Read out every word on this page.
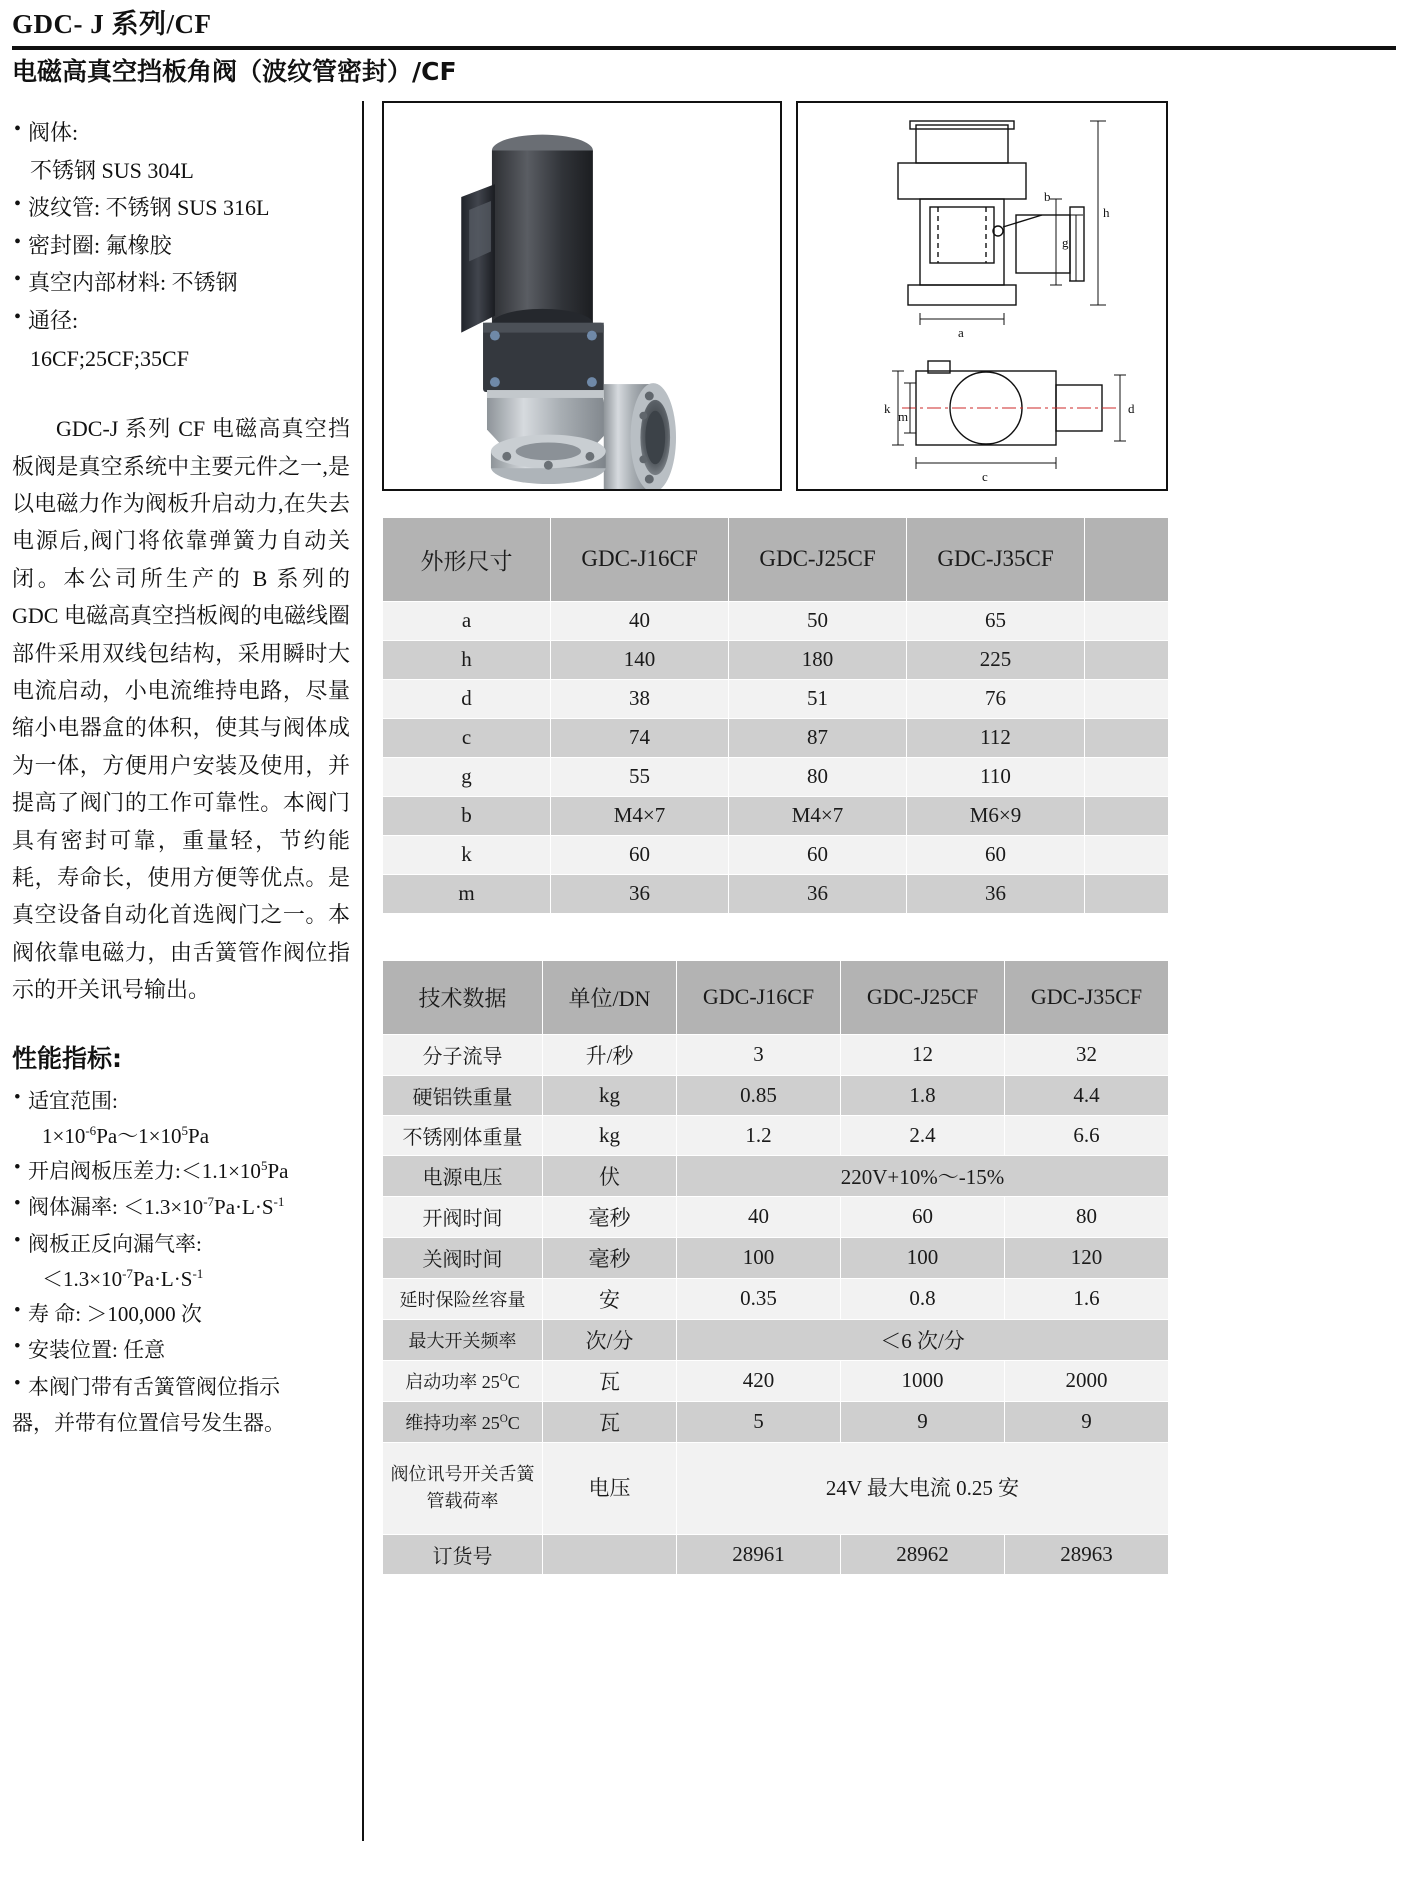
GDC- J 系列/CF
电磁高真空挡板角阀（波纹管密封）/CF
• 阀体:
不锈钢 SUS 304L
• 波纹管: 不锈钢 SUS 316L
• 密封圈: 氟橡胶
• 真空内部材料: 不锈钢
• 通径:
16CF;25CF;35CF
GDC-J 系列 CF 电磁高真空挡板阀是真空系统中主要元件之一,是以电磁力作为阀板升启动力,在失去 电源后,阀门将依靠弹簧力自动关闭。本公司所生产的 B 系列的 GDC 电磁高真空挡板阀的电磁线圈部件采用双线包结构，采用瞬时大电流启动，小电流维持电路，尽量缩小电器盒的体积，使其与阀体成为一体，方便用户安装及使用，并提高了阀门的工作可靠性。本阀门具有密封可靠，重量轻，节约能耗，寿命长，使用方便等优点。是真空设备自动化首选阀门之一。本阀依靠电磁力，由舌簧管作阀位指示的开关讯号输出。
性能指标:
• 适宜范围:
$1\times 10^{-6}Pa\sim 1\times 10^5Pa$
• 开启阀板压差力$:<1.1\times 10^5Pa$
• 阀体漏率: $<1.3\times 10^{-7}Pa\cdot L\cdot S^{-1}$
• 阀板正反向漏气率:
$<1.3\times 10^{-7}Pa\cdot L\cdot S^{-1}$
• 寿 命: ＞100,000 次
• 安装位置: 任意
• 本阀门带有舌簧管阀位指示
器，并带有位置信号发生器。
b
h
g
a
k
m
d
c
外形尺寸	GDC-J16CF	GDC-J25CF	GDC-J35CF	
a	40	50	65	
h	140	180	225	
d	38	51	76	
c	74	87	112	
g	55	80	110	
b	M4×7	M4×7	M6×9	
k	60	60	60	
m	36	36	36	
技术数据	单位/DN	GDC-J16CF	GDC-J25CF	GDC-J35CF
分子流导	升/秒	3	12	32
硬铝铁重量	kg	0.85	1.8	4.4
不锈刚体重量	kg	1.2	2.4	6.6
电源电压	伏	220V+10%～-15%		
开阀时间	毫秒	40	60	80
关阀时间	毫秒	100	100	120
延时保险丝容量	安	0.35	0.8	1.6
最大开关频率	次/分	＜6 次/分		
启动功率 $25^OC$	瓦	420	1000	2000
维持功率 $25^OC$	瓦	5	9	9
阀位讯号开关舌簧
管载荷率	电压	24V 最大电流 0.25 安		
订货号		28961	28962	28963
